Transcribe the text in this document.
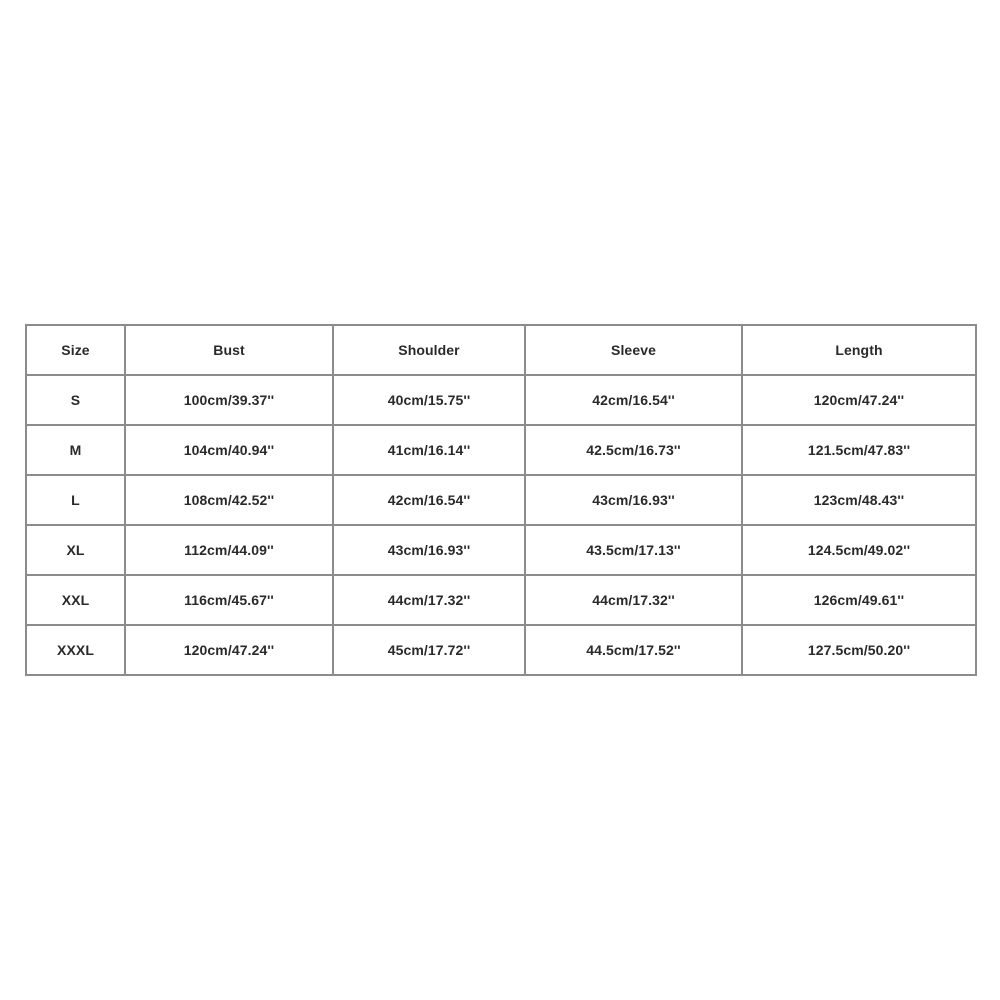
Size	Bust	Shoulder	Sleeve	Length
S	100cm/39.37''	40cm/15.75''	42cm/16.54''	120cm/47.24''
M	104cm/40.94''	41cm/16.14''	42.5cm/16.73''	121.5cm/47.83''
L	108cm/42.52''	42cm/16.54''	43cm/16.93''	123cm/48.43''
XL	112cm/44.09''	43cm/16.93''	43.5cm/17.13''	124.5cm/49.02''
XXL	116cm/45.67''	44cm/17.32''	44cm/17.32''	126cm/49.61''
XXXL	120cm/47.24''	45cm/17.72''	44.5cm/17.52''	127.5cm/50.20''
